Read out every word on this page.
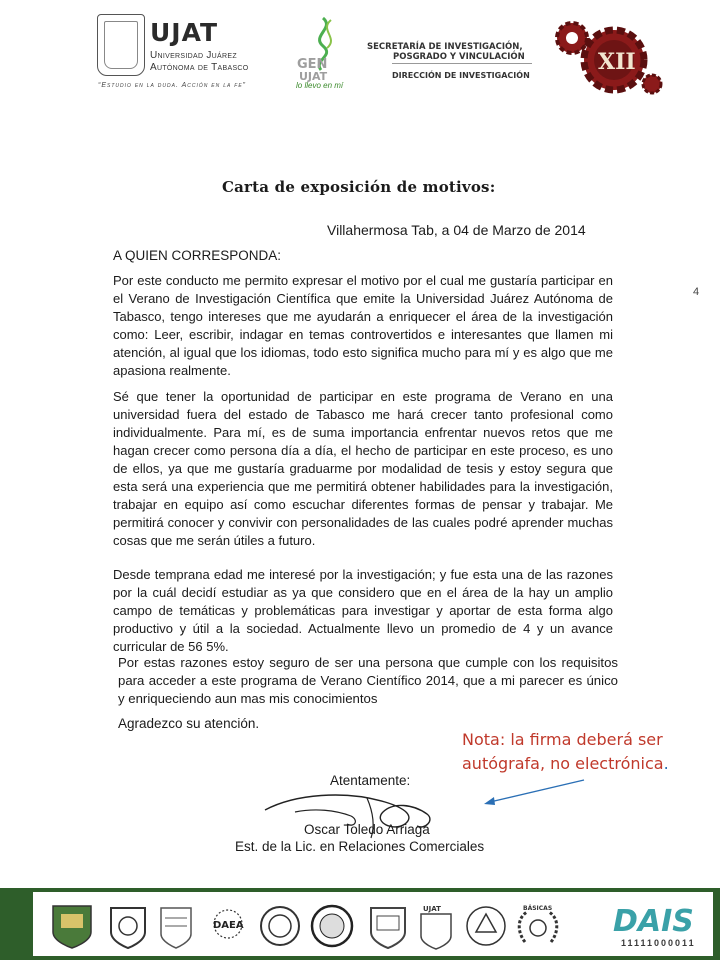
UJAT
Universidad Juárez
Autónoma de Tabasco
“Estudio en la duda. Acción en la fe”
GEN
UJAT
lo llevo en mí
SECRETARÍA DE INVESTIGACIÓN,
POSGRADO Y VINCULACIÓN
DIRECCIÓN DE INVESTIGACIÓN
XII
Carta de exposición de motivos:
Villahermosa Tab, a 04 de Marzo de 2014
A QUIEN CORRESPONDA:
Por este conducto me permito expresar el motivo por el cual me gustaría participar en el Verano de Investigación Científica que emite la Universidad Juárez Autónoma de Tabasco, tengo intereses que me ayudarán a enriquecer el área de la investigación como: Leer, escribir, indagar en temas controvertidos e interesantes que llamen mi atención, al igual que los idiomas, todo esto significa mucho para mí y es algo que me apasiona realmente.
Sé que tener la oportunidad de participar en este programa de Verano en una universidad fuera del estado de Tabasco me hará crecer tanto profesional como individualmente. Para mí, es de suma importancia enfrentar nuevos retos que me hagan crecer como persona día a día, el hecho de participar en este proceso, es uno de ellos, ya que me gustaría graduarme por modalidad de tesis y estoy segura que esta será una experiencia que me permitirá obtener habilidades para la investigación, trabajar en equipo así como escuchar diferentes formas de pensar y trabajar. Me permitirá conocer y convivir con personalidades de las cuales podré aprender muchas cosas que me serán útiles a futuro.
Desde temprana edad me interesé por la investigación; y fue esta una de las razones por la cuál decidí estudiar as ya que considero que en el área de la hay un amplio campo de temáticas y problemáticas para investigar y aportar de esta forma algo productivo y útil a la sociedad. Actualmente llevo un promedio de 4 y un avance curricular de 56 5%.
Por estas razones estoy seguro de ser una persona que cumple con los requisitos para acceder a este programa de Verano Científico 2014, que a mi parecer es único y enriqueciendo aun mas mis conocimientos
Agradezco su atención.
Atentamente:
Oscar Toledo Arriaga
Est. de la Lic. en Relaciones Comerciales
Nota: la firma deberá ser
autógrafa, no electrónica.
4
DAEA
UJAT	BÁSICAS DAIS
11111000011
